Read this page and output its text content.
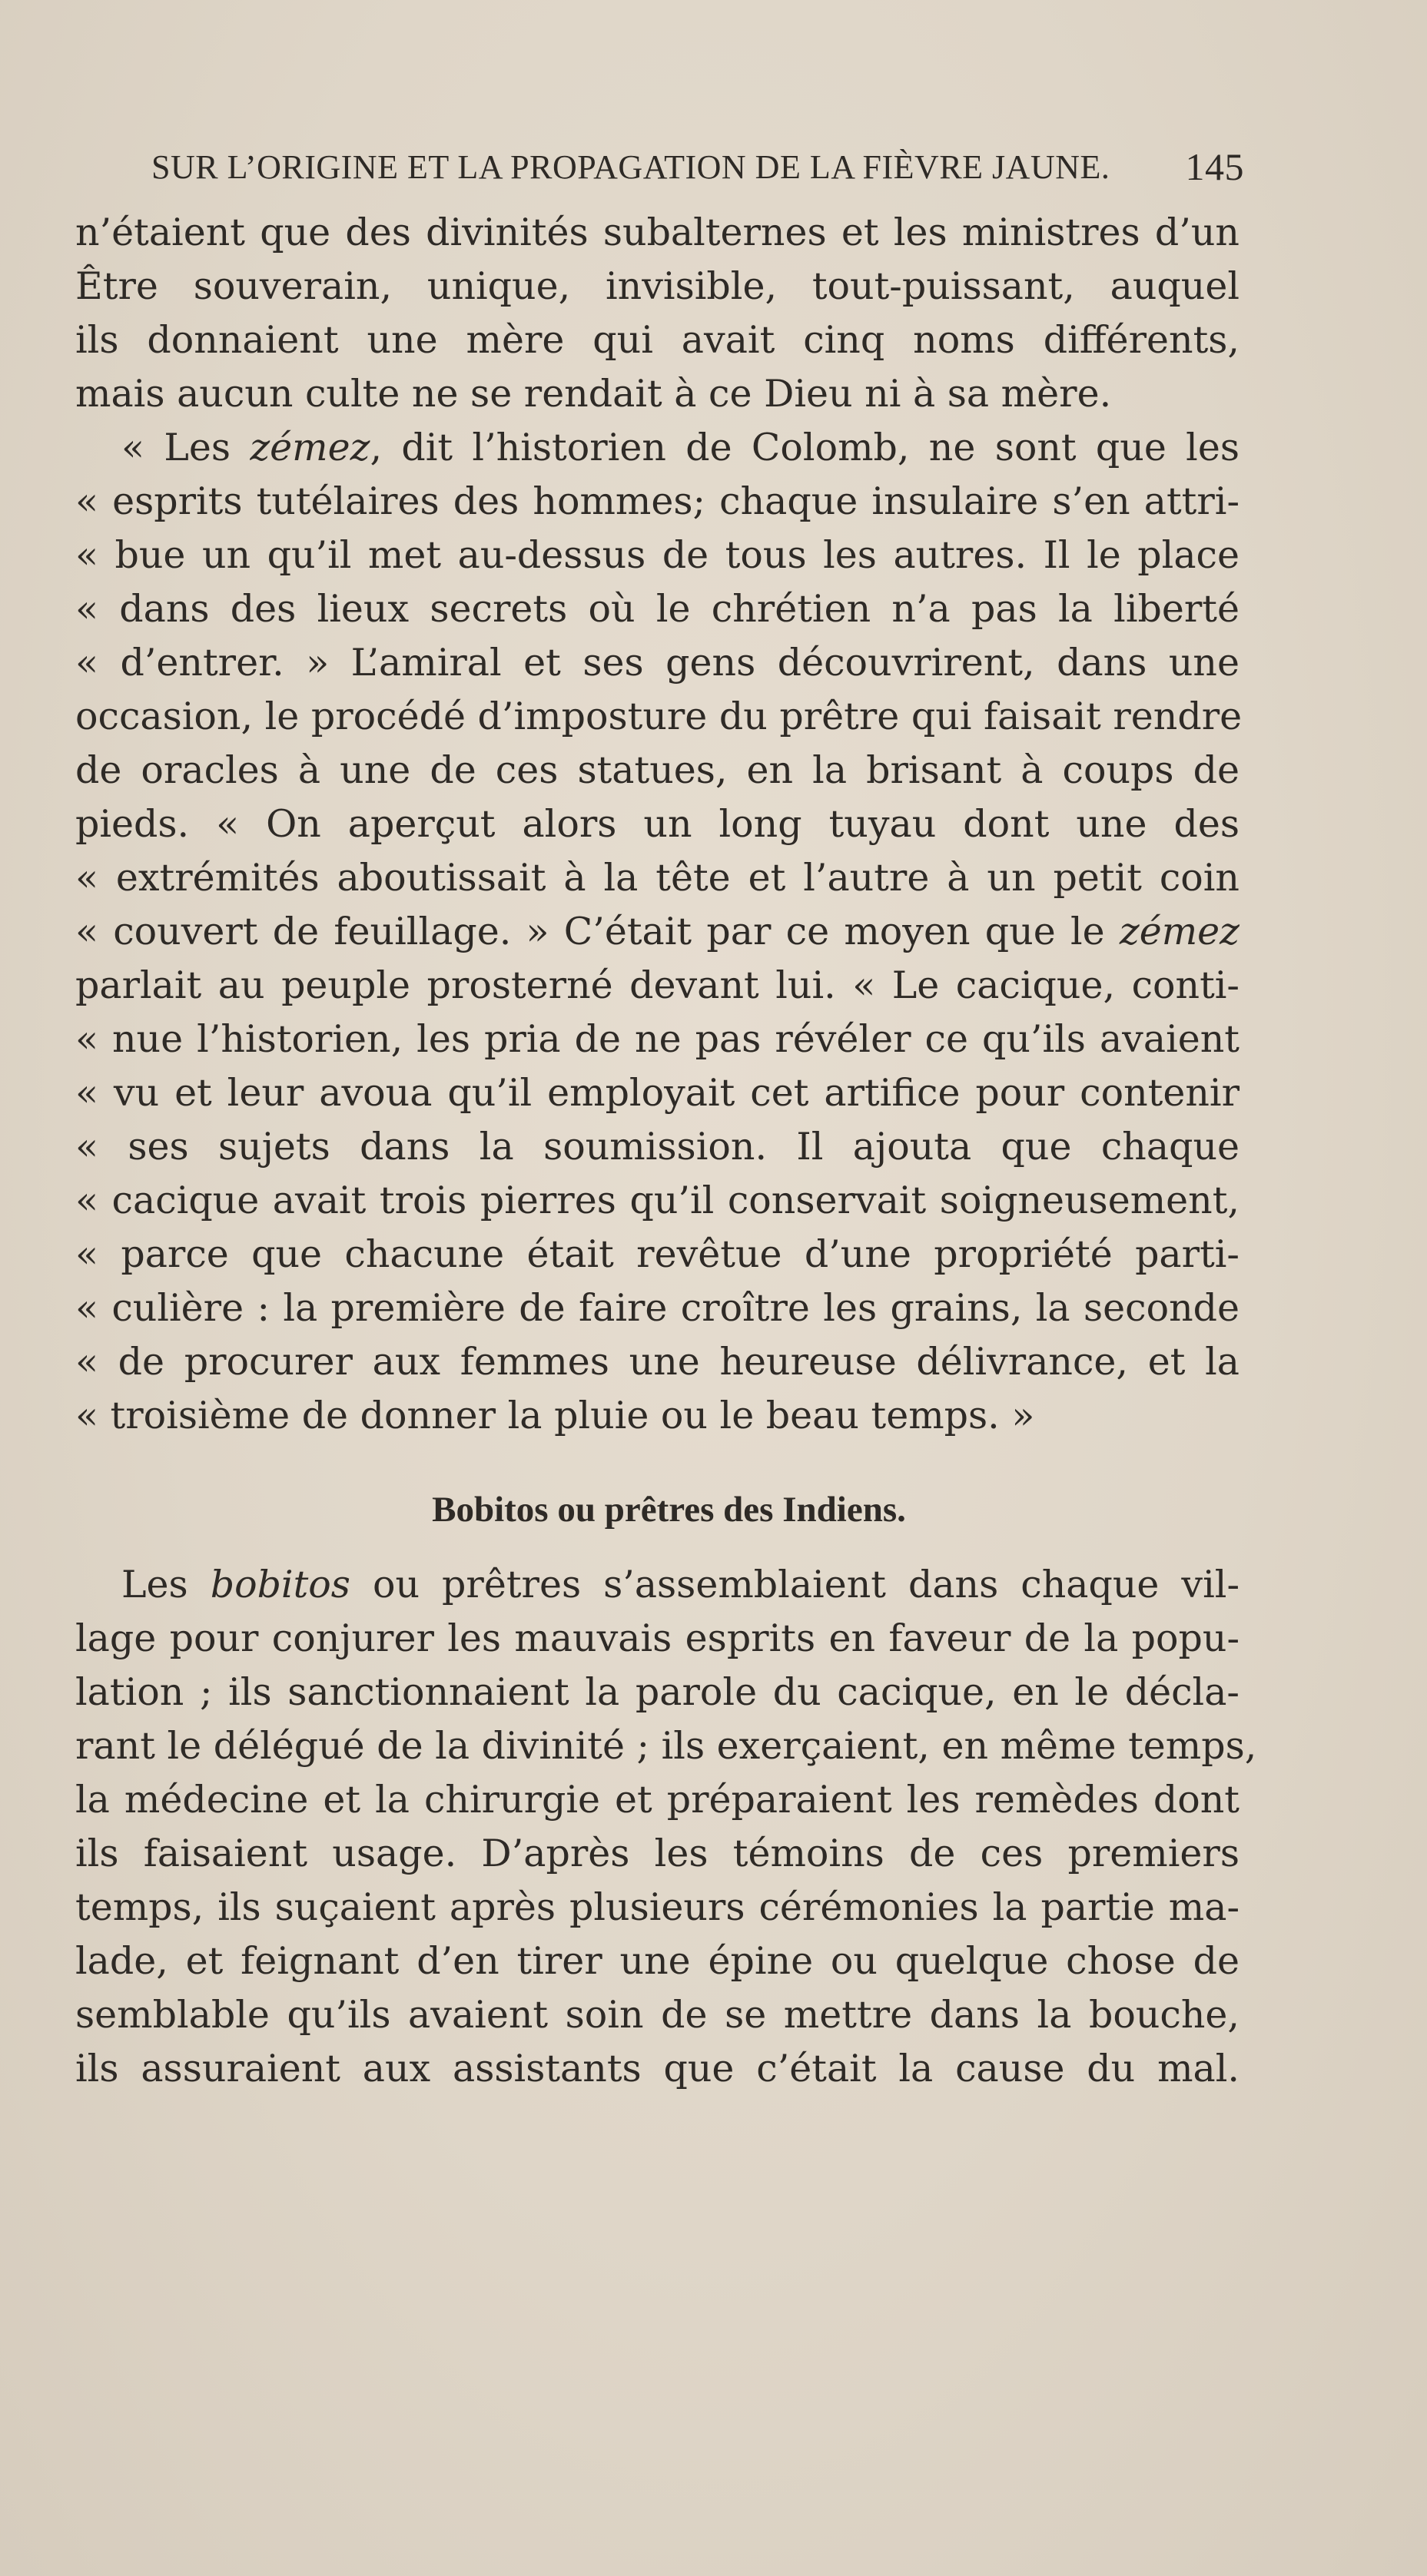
SUR L’ORIGINE ET LA PROPAGATION DE LA FIÈVRE JAUNE. 145
n’étaient que des divinités subalternes et les ministres d’un
Être souverain, unique, invisible, tout-puissant, auquel
ils donnaient une mère qui avait cinq noms différents,
mais aucun culte ne se rendait à ce Dieu ni à sa mère.
« Les zémez, dit l’historien de Colomb, ne sont que les
« esprits tutélaires des hommes; chaque insulaire s’en attri-
« bue un qu’il met au-dessus de tous les autres. Il le place
« dans des lieux secrets où le chrétien n’a pas la liberté
« d’entrer. » L’amiral et ses gens découvrirent, dans une
occasion, le procédé d’imposture du prêtre qui faisait rendre
de oracles à une de ces statues, en la brisant à coups de
pieds. « On aperçut alors un long tuyau dont une des
« extrémités aboutissait à la tête et l’autre à un petit coin
« couvert de feuillage. » C’était par ce moyen que le zémez
parlait au peuple prosterné devant lui. « Le cacique, conti-
« nue l’historien, les pria de ne pas révéler ce qu’ils avaient
« vu et leur avoua qu’il employait cet artifice pour contenir
« ses sujets dans la soumission. Il ajouta que chaque
« cacique avait trois pierres qu’il conservait soigneusement,
« parce que chacune était revêtue d’une propriété parti-
« culière : la première de faire croître les grains, la seconde
« de procurer aux femmes une heureuse délivrance, et la
« troisième de donner la pluie ou le beau temps. »
Bobitos ou prêtres des Indiens.
Les bobitos ou prêtres s’assemblaient dans chaque vil-
lage pour conjurer les mauvais esprits en faveur de la popu-
lation ; ils sanctionnaient la parole du cacique, en le décla-
rant le délégué de la divinité ; ils exerçaient, en même temps,
la médecine et la chirurgie et préparaient les remèdes dont
ils faisaient usage. D’après les témoins de ces premiers
temps, ils suçaient après plusieurs cérémonies la partie ma-
lade, et feignant d’en tirer une épine ou quelque chose de
semblable qu’ils avaient soin de se mettre dans la bouche,
ils assuraient aux assistants que c’était la cause du mal.
